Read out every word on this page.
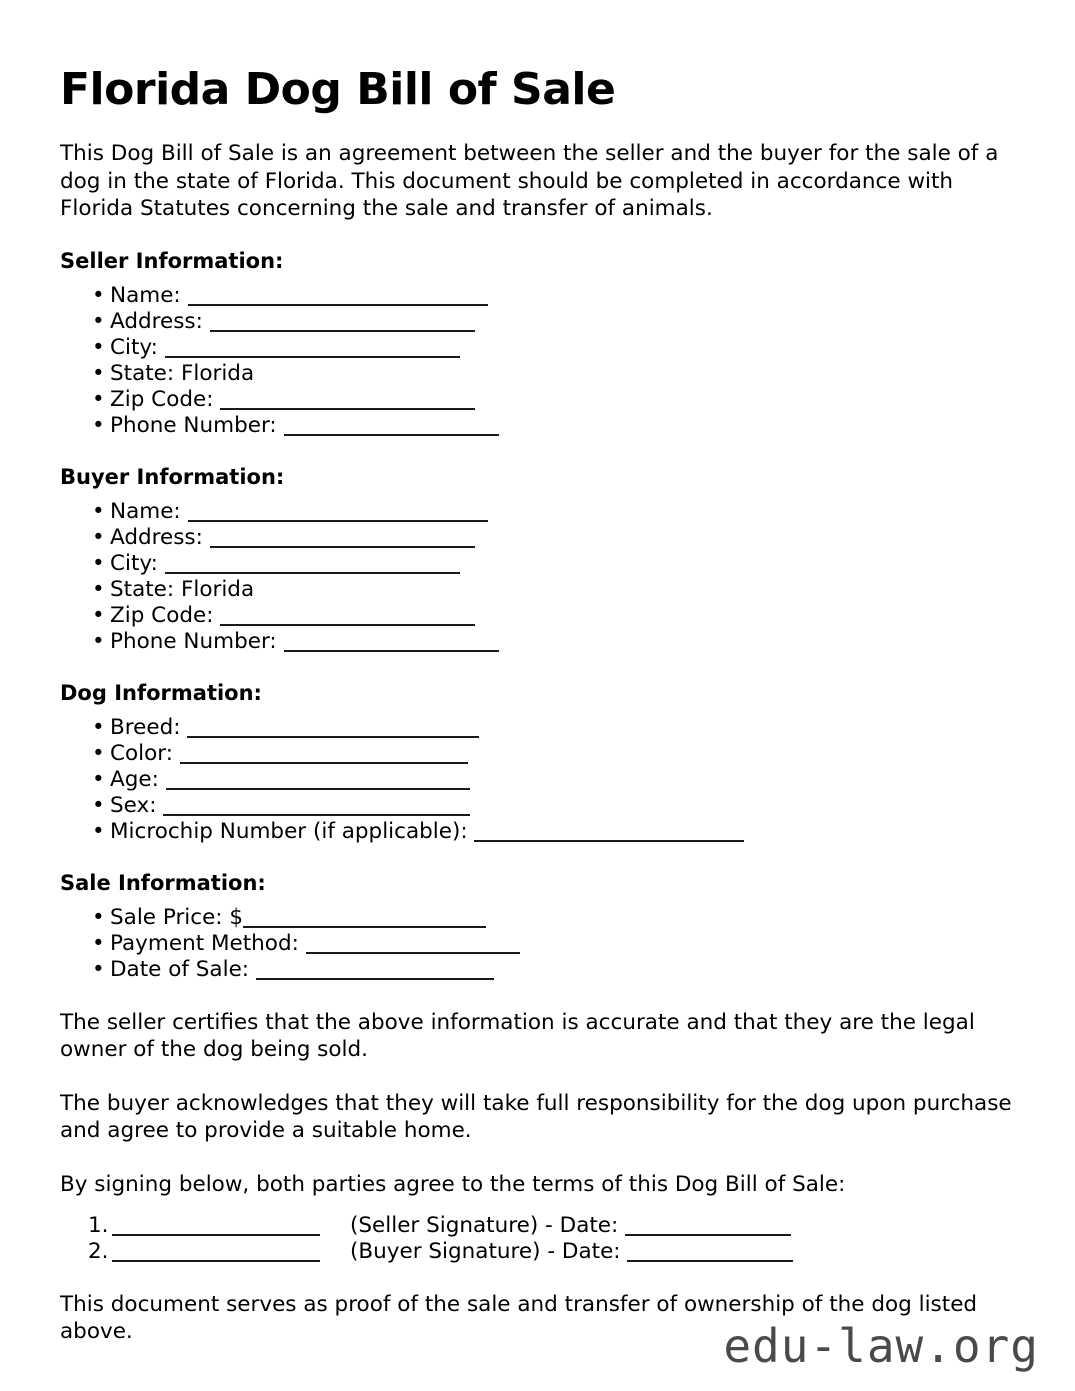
Florida Dog Bill of Sale

This Dog Bill of Sale is an agreement between the seller and the buyer for the sale of a dog in the state of Florida. This document should be completed in accordance with Florida Statutes concerning the sale and transfer of animals.

Seller Information:
• Name:
• Address:
• City:
• State: Florida
• Zip Code:
• Phone Number:
Buyer Information:
• Name:
• Address:
• City:
• State: Florida
• Zip Code:
• Phone Number:
Dog Information:
• Breed:
• Color:
• Age:
• Sex:
• Microchip Number (if applicable):
Sale Information:
• Sale Price: $
• Payment Method:
• Date of Sale:

The seller certifies that the above information is accurate and that they are the legal owner of the dog being sold.

The buyer acknowledges that they will take full responsibility for the dog upon purchase and agree to provide a suitable home.

By signing below, both parties agree to the terms of this Dog Bill of Sale:

1.	(Seller Signature) - Date:
2.	(Buyer Signature) - Date:

This document serves as proof of the sale and transfer of ownership of the dog listed above.	edu-law.org
